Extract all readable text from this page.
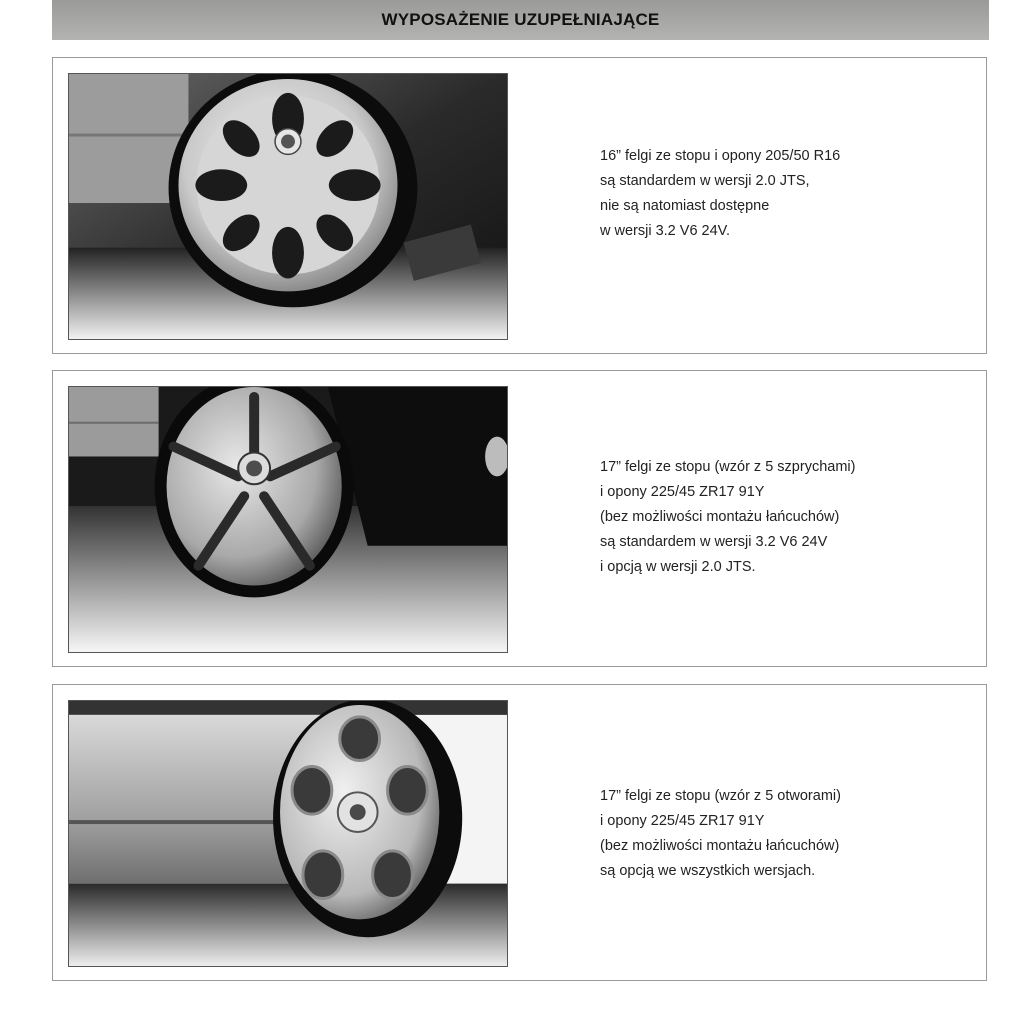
WYPOSAŻENIE UZUPEŁNIAJĄCE
16” felgi ze stopu i opony 205/50 R16
są standardem w wersji 2.0 JTS,
nie są natomiast dostępne
w wersji 3.2 V6 24V.
17” felgi ze stopu (wzór z 5 szprychami)
i opony 225/45 ZR17 91Y
(bez możliwości montażu łańcuchów)
są standardem w wersji 3.2 V6 24V
i opcją w wersji 2.0 JTS.
17” felgi ze stopu (wzór z 5 otworami)
i opony 225/45 ZR17 91Y
(bez możliwości montażu łańcuchów)
są opcją we wszystkich wersjach.
